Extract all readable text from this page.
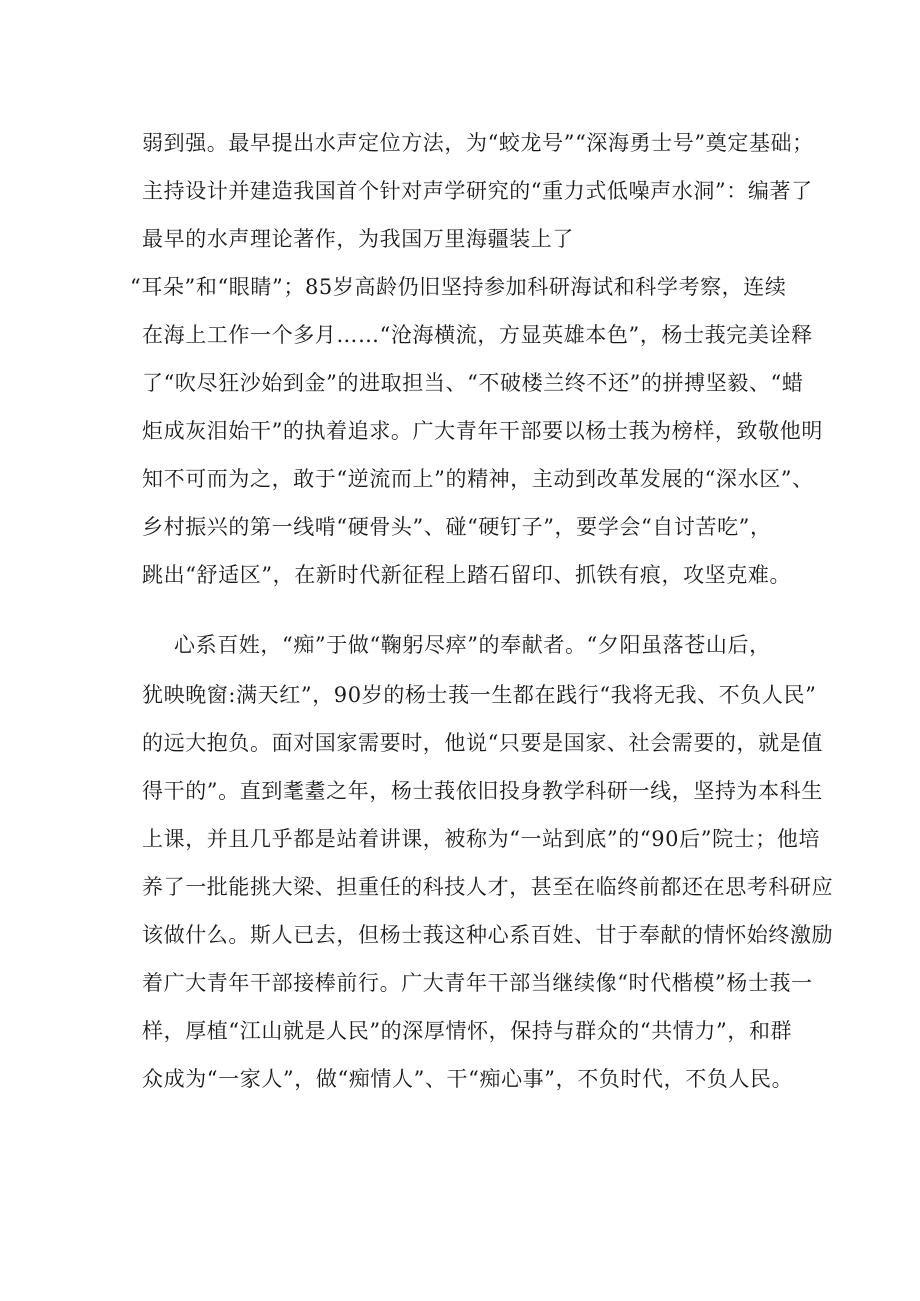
弱到强。最早提出水声定位方法，为“蛟龙号”“深海勇士号”奠定基础；

主持设计并建造我国首个针对声学研究的“重力式低噪声水洞”：编著了

最早的水声理论著作，为我国万里海疆装上了

“耳朵”和“眼睛”；85岁高龄仍旧坚持参加科研海试和科学考察，连续

在海上工作一个多月……“沧海横流，方显英雄本色”，杨士莪完美诠释

了“吹尽狂沙始到金”的进取担当、“不破楼兰终不还”的拼搏坚毅、“蜡

炬成灰泪始干”的执着追求。广大青年干部要以杨士莪为榜样，致敬他明

知不可而为之，敢于“逆流而上”的精神，主动到改革发展的“深水区”、

乡村振兴的第一线啃“硬骨头”、碰“硬钉子”，要学会“自讨苦吃”，

跳出“舒适区”，在新时代新征程上踏石留印、抓铁有痕，攻坚克难。

心系百姓，“痴”于做“鞠躬尽瘁”的奉献者。“夕阳虽落苍山后，

犹映晚窗:满天红”，90岁的杨士莪一生都在践行“我将无我、不负人民”

的远大抱负。面对国家需要时，他说“只要是国家、社会需要的，就是值

得干的”。直到耄耋之年，杨士莪依旧投身教学科研一线，坚持为本科生

上课，并且几乎都是站着讲课，被称为“一站到底”的“90后”院士；他培

养了一批能挑大梁、担重任的科技人才，甚至在临终前都还在思考科研应

该做什么。斯人已去，但杨士莪这种心系百姓、甘于奉献的情怀始终激励

着广大青年干部接棒前行。广大青年干部当继续像“时代楷模”杨士莪一

样，厚植“江山就是人民”的深厚情怀，保持与群众的“共情力”，和群

众成为“一家人”，做“痴情人”、干“痴心事”，不负时代，不负人民。
